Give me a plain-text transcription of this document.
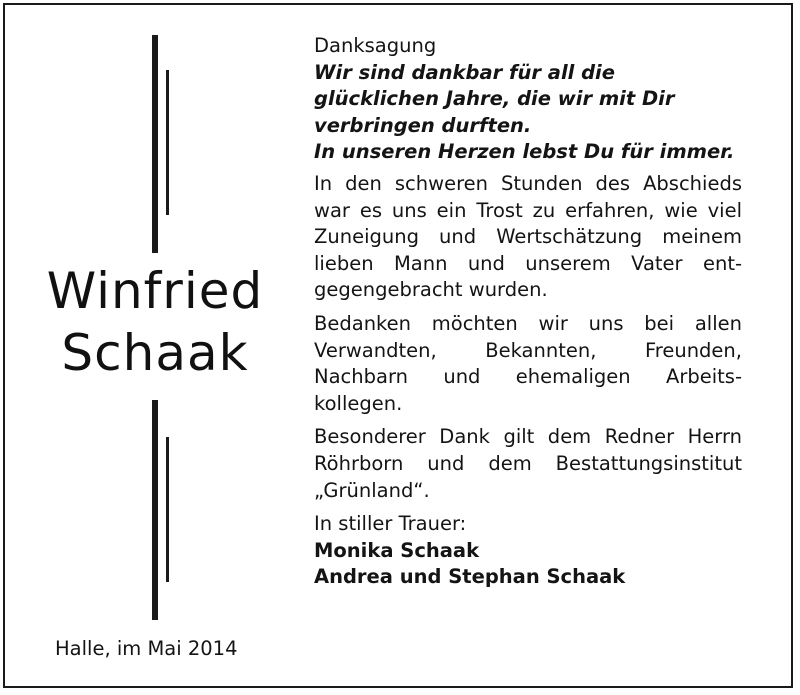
Winfried
Schaak

Danksagung

Wir sind dankbar für all die

glücklichen Jahre, die wir mit Dir

verbringen durften.

In unseren Herzen lebst Du für immer.

In den schweren Stunden des Abschieds war es uns ein Trost zu erfahren, wie viel Zuneigung und Wertschätzung meinem lieben Mann und unserem Vater ent-gegengebracht wurden.

Bedanken möchten wir uns bei allen Verwandten, Bekannten, Freunden, Nachbarn und ehemaligen Arbeits-kollegen.

Besonderer Dank gilt dem Redner Herrn Röhrborn und dem Bestattungsinstitut „Grünland“.

In stiller Trauer:

Monika Schaak

Andrea und Stephan Schaak

Halle, im Mai 2014
